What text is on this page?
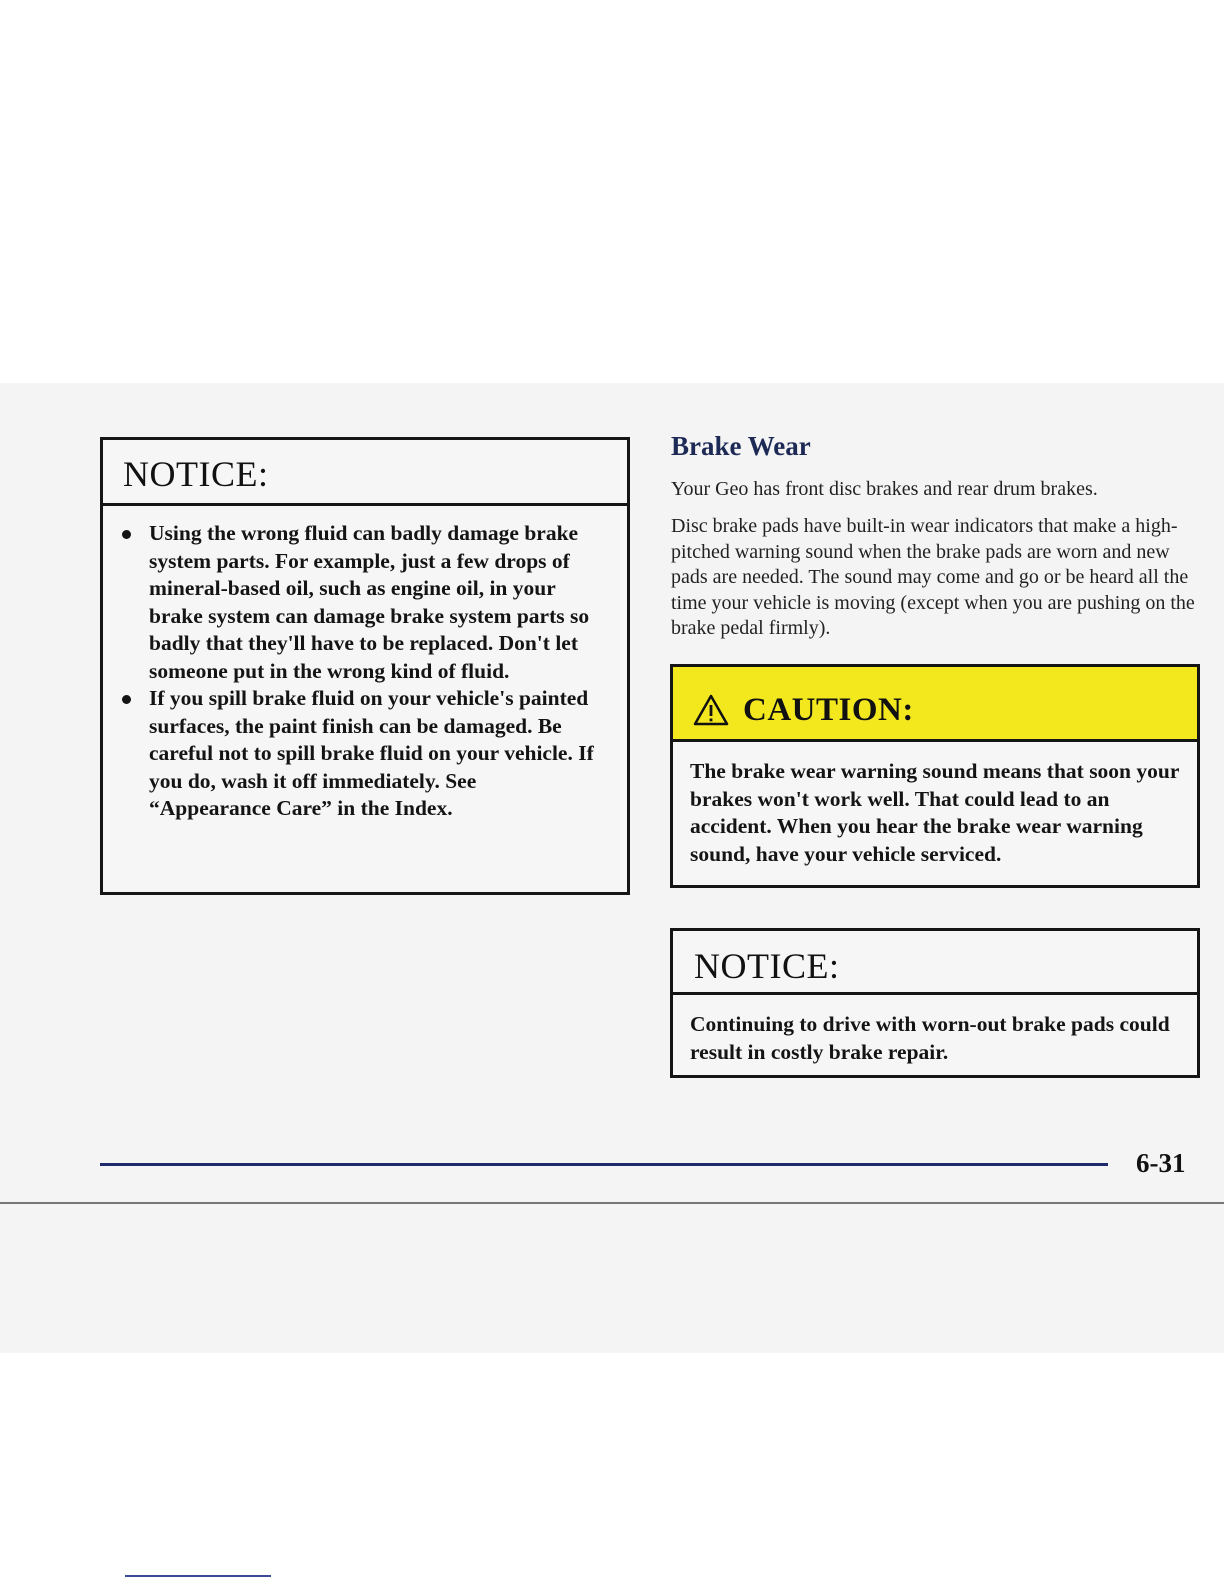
NOTICE:
Using the wrong fluid can badly damage brake system parts. For example, just a few drops of mineral-based oil, such as engine oil, in your brake system can damage brake system parts so badly that they'll have to be replaced. Don't let someone put in the wrong kind of fluid.
If you spill brake fluid on your vehicle's painted surfaces, the paint finish can be damaged. Be careful not to spill brake fluid on your vehicle. If you do, wash it off immediately. See “Appearance Care” in the Index.
Brake Wear

Your Geo has front disc brakes and rear drum brakes.

Disc brake pads have built-in wear indicators that make a high-pitched warning sound when the brake pads are worn and new pads are needed. The sound may come and go or be heard all the time your vehicle is moving (except when you are pushing on the brake pedal firmly).

CAUTION:
The brake wear warning sound means that soon your brakes won't work well. That could lead to an accident. When you hear the brake wear warning sound, have your vehicle serviced.
NOTICE:
Continuing to drive with worn-out brake pads could result in costly brake repair.
6-31
